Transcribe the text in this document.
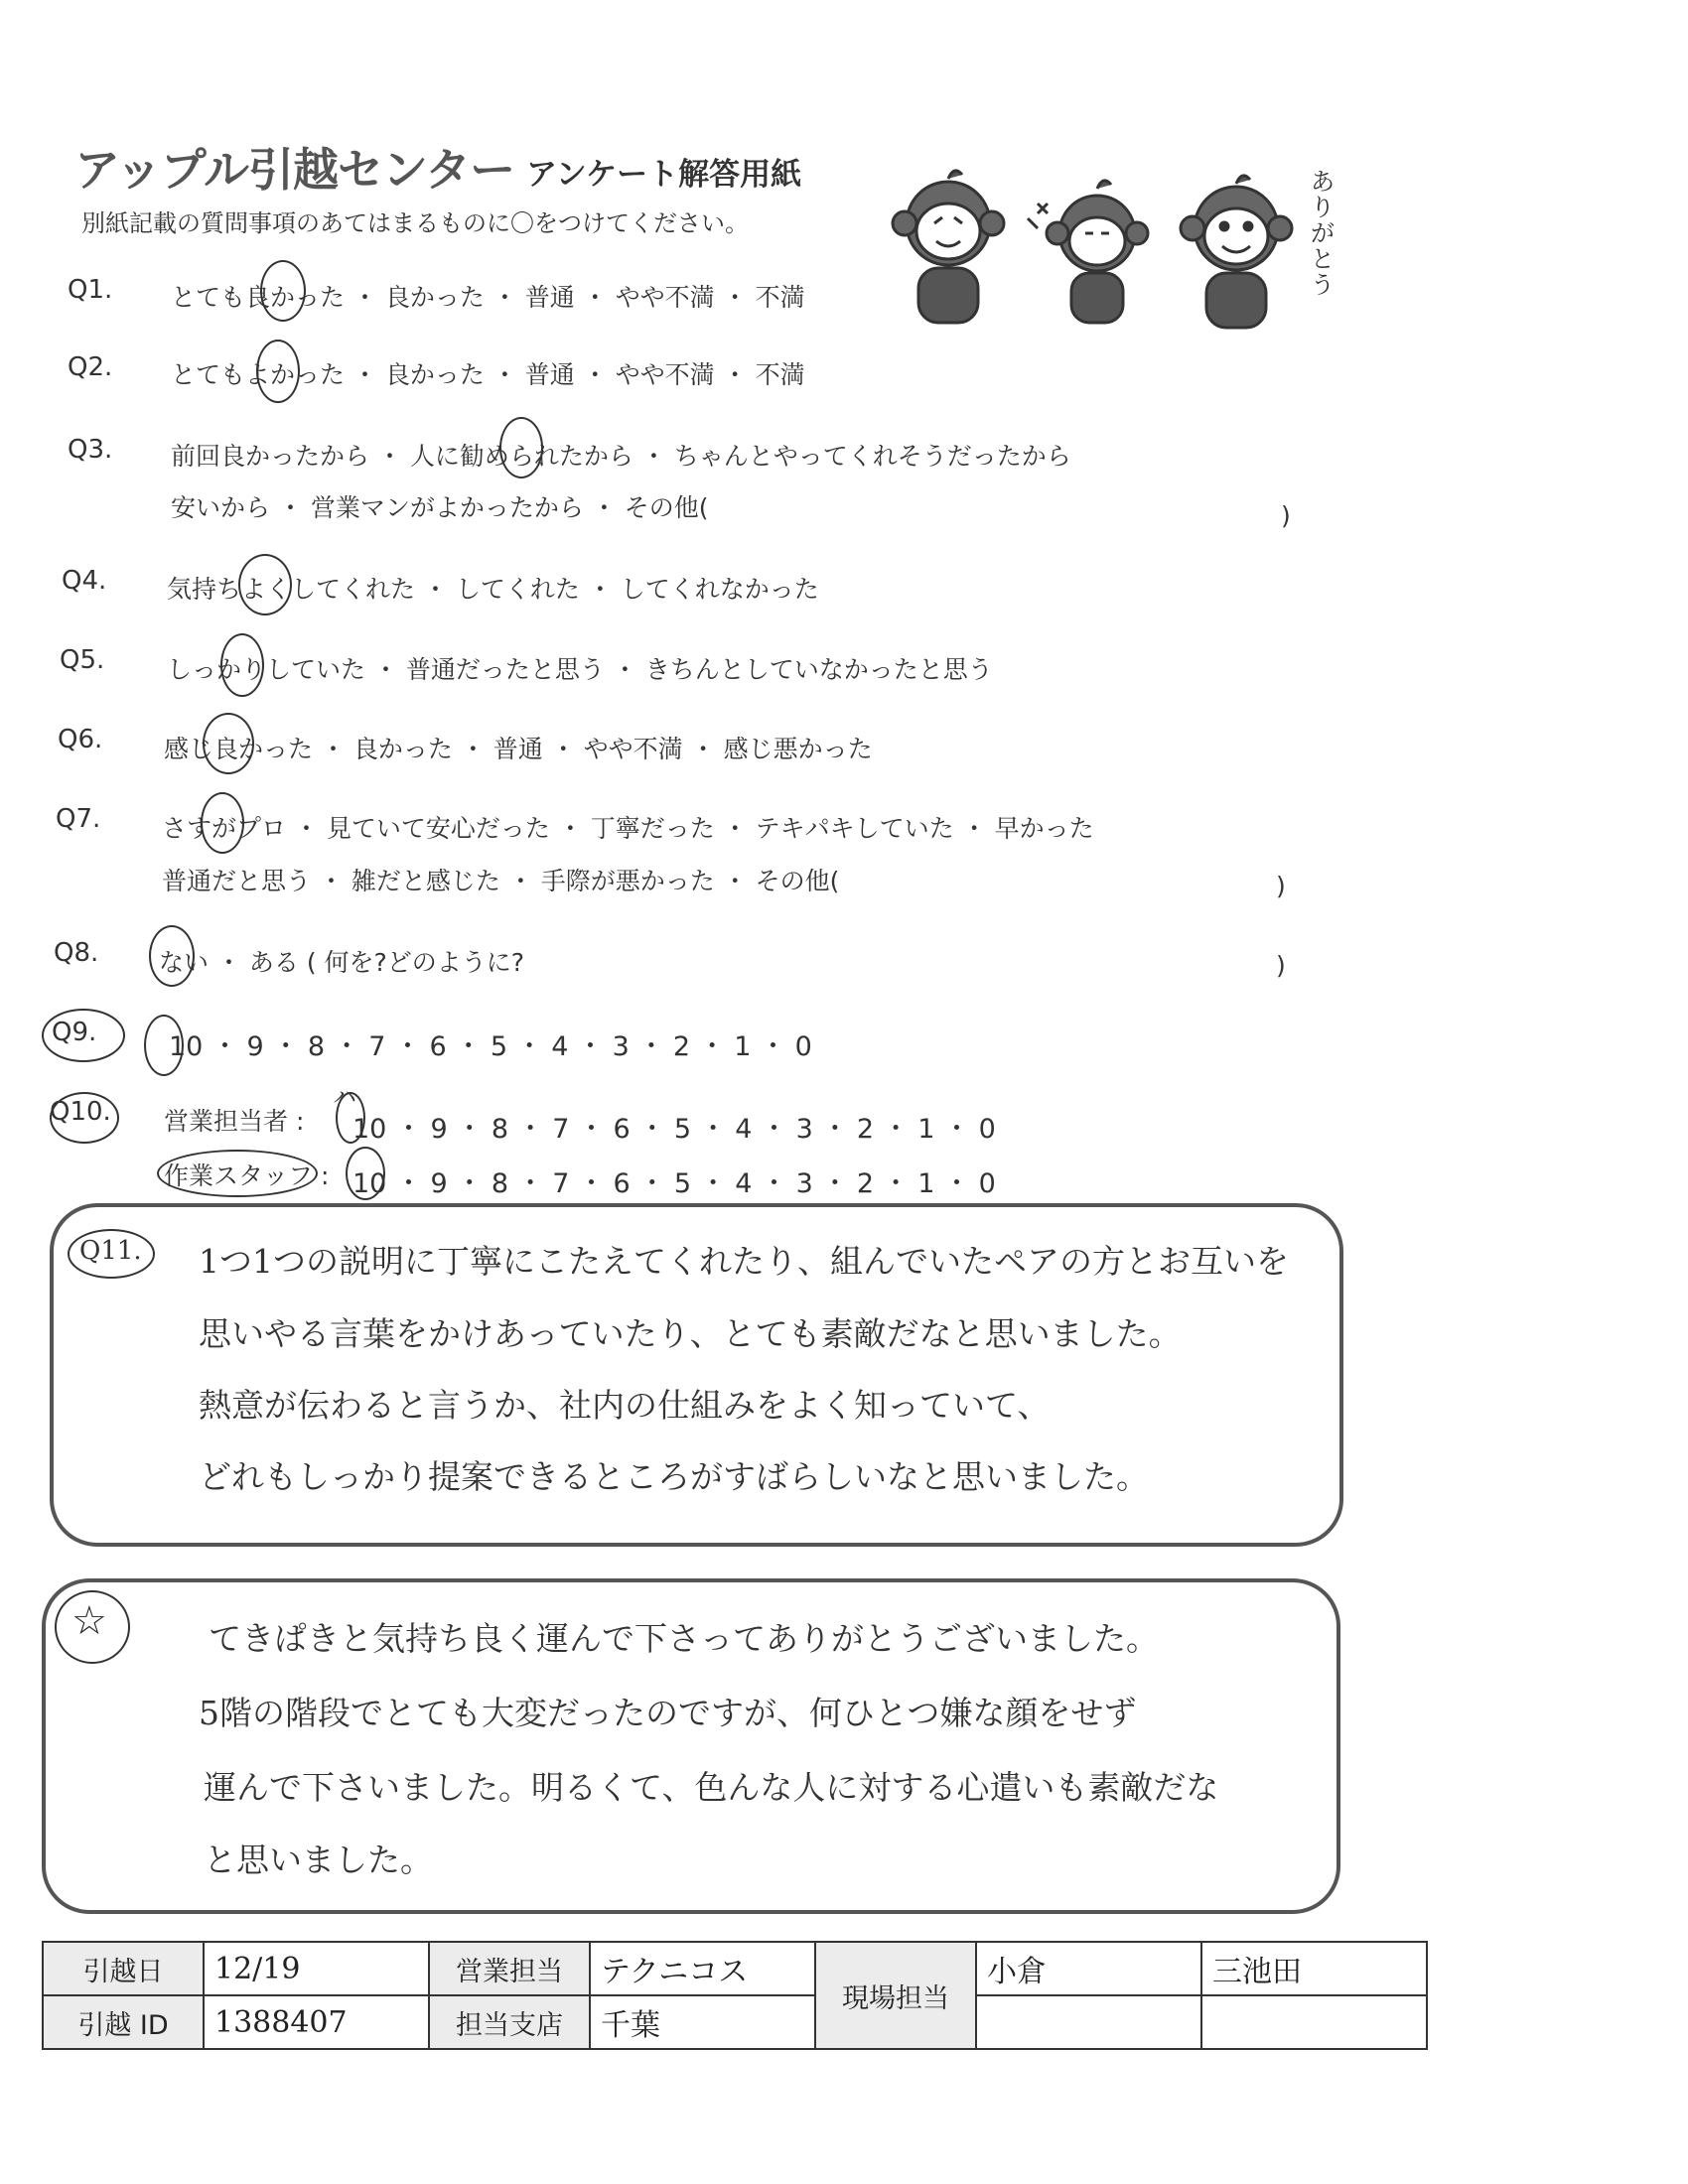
アップル引越センター アンケート解答用紙
別紙記載の質問事項のあてはまるものに〇をつけてください。
ありがとう
Q1. とても良かった ・ 良かった ・ 普通 ・ やや不満 ・ 不満
Q2. とてもよかった ・ 良かった ・ 普通 ・ やや不満 ・ 不満
Q3. 前回良かったから ・ 人に勧められたから ・ ちゃんとやってくれそうだったから
安いから ・ 営業マンがよかったから ・ その他(	)
Q4. 気持ちよくしてくれた ・ してくれた ・ してくれなかった
Q5.	しっかりしていた ・ 普通だったと思う ・ きちんとしていなかったと思う
Q6. 感じ良かった ・ 良かった ・ 普通 ・ やや不満 ・ 感じ悪かった
Q7. さすがプロ ・ 見ていて安心だった ・ 丁寧だった ・ テキパキしていた ・ 早かった
普通だと思う ・ 雑だと感じた ・ 手際が悪かった ・ その他(	)
Q8. ない ・ ある ( 何を?どのように?	)
Q9.	10 ・ 9 ・ 8 ・ 7 ・ 6 ・ 5 ・ 4 ・ 3 ・ 2 ・ 1 ・ 0
Q10. 営業担当者 : 10 ・ 9 ・ 8 ・ 7 ・ 6 ・ 5 ・ 4 ・ 3 ・ 2 ・ 1 ・ 0
ハ
作業スタッフ : 10 ・ 9 ・ 8 ・ 7 ・ 6 ・ 5 ・ 4 ・ 3 ・ 2 ・ 1 ・ 0
Q11. 1つ1つの説明に丁寧にこたえてくれたり、組んでいたペアの方とお互いを
思いやる言葉をかけあっていたり、とても素敵だなと思いました。
熱意が伝わると言うか、社内の仕組みをよく知っていて、
どれもしっかり提案できるところがすばらしいなと思いました。
☆	てきぱきと気持ち良く運んで下さってありがとうございました。
5階の階段でとても大変だったのですが、何ひとつ嫌な顔をせず
運んで下さいました。明るくて、色んな人に対する心遣いも素敵だな
と思いました。
引越日	12/19	営業担当	テクニコス	現場担当	小倉	三池田
引越 ID	1388407	担当支店	千葉			
